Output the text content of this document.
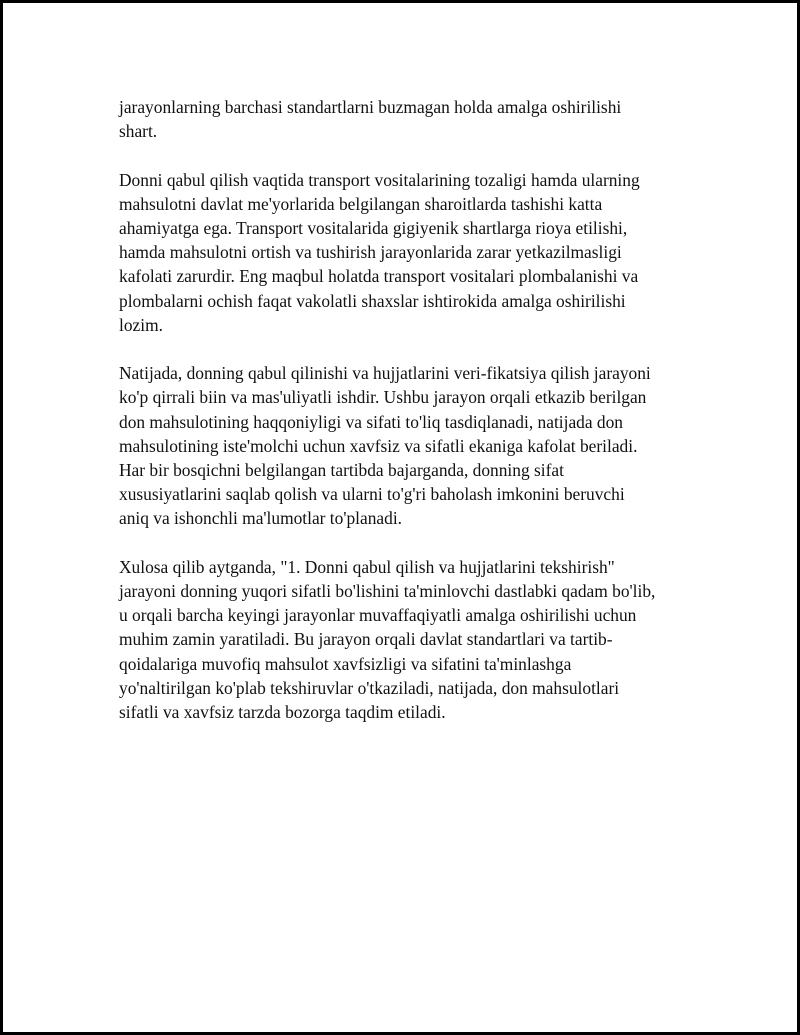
jarayonlarning barchasi standartlarni buzmagan holda amalga oshirilishi
shart.

Donni qabul qilish vaqtida transport vositalarining tozaligi hamda ularning
mahsulotni davlat me'yorlarida belgilangan sharoitlarda tashishi katta
ahamiyatga ega. Transport vositalarida gigiyenik shartlarga rioya etilishi,
hamda mahsulotni ortish va tushirish jarayonlarida zarar yetkazilmasligi
kafolati zarurdir. Eng maqbul holatda transport vositalari plombalanishi va
plombalarni ochish faqat vakolatli shaxslar ishtirokida amalga oshirilishi
lozim.

Natijada, donning qabul qilinishi va hujjatlarini veri-fikatsiya qilish jarayoni
ko'p qirrali biin va mas'uliyatli ishdir. Ushbu jarayon orqali etkazib berilgan
don mahsulotining haqqoniyligi va sifati to'liq tasdiqlanadi, natijada don
mahsulotining iste'molchi uchun xavfsiz va sifatli ekaniga kafolat beriladi.
Har bir bosqichni belgilangan tartibda bajarganda, donning sifat
xususiyatlarini saqlab qolish va ularni to'g'ri baholash imkonini beruvchi
aniq va ishonchli ma'lumotlar to'planadi.

Xulosa qilib aytganda, "1. Donni qabul qilish va hujjatlarini tekshirish"
jarayoni donning yuqori sifatli bo'lishini ta'minlovchi dastlabki qadam bo'lib,
u orqali barcha keyingi jarayonlar muvaffaqiyatli amalga oshirilishi uchun
muhim zamin yaratiladi. Bu jarayon orqali davlat standartlari va tartib-
qoidalariga muvofiq mahsulot xavfsizligi va sifatini ta'minlashga
yo'naltirilgan ko'plab tekshiruvlar o'tkaziladi, natijada, don mahsulotlari
sifatli va xavfsiz tarzda bozorga taqdim etiladi.
